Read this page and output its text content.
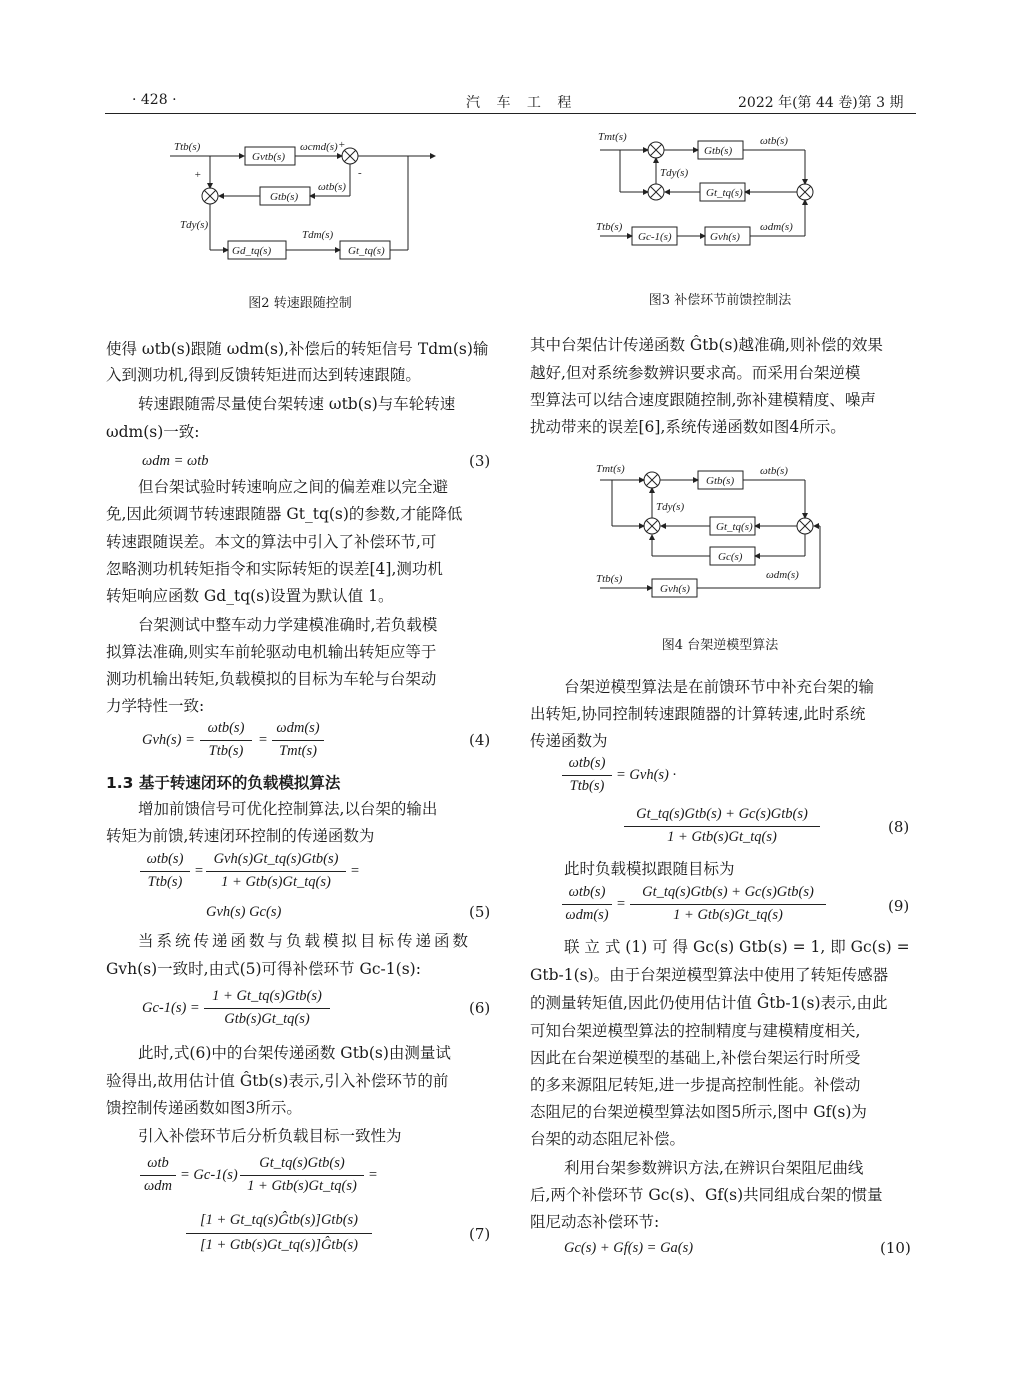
· 428 ·	汽 车 工 程	2022 年(第 44 卷)第 3 期
Ttb(s)
Gvtb(s)
ωcmd(s)
ωtb(s)
Gtb(s)
Gd_tq(s)	Gt_tq(s)
Tdm(s)
Tdy(s)
+
+
-
图2 转速跟随控制
Tmt(s)
Gtb(s)
ωtb(s)
Tdy(s)
Gt_tq(s)
Ttb(s)
Gc-1(s)	Gvh(s)
ωdm(s)
图3 补偿环节前馈控制法
Tmt(s)
Gtb(s)
ωtb(s)
Tdy(s)
Gt_tq(s)
Gc(s)
Ttb(s)
Gvh(s)
ωdm(s)
图4 台架逆模型算法
使得 ωtb(s)跟随 ωdm(s),补偿后的转矩信号 Tdm(s)输
入到测功机,得到反馈转矩进而达到转速跟随。
转速跟随需尽量使台架转速 ωtb(s)与车轮转速
ωdm(s)一致:
ωdm = ωtb	(3)
但台架试验时转速响应之间的偏差难以完全避
免,因此须调节转速跟随器 Gt_tq(s)的参数,才能降低
转速跟随误差。本文的算法中引入了补偿环节,可
忽略测功机转矩指令和实际转矩的误差[4],测功机
转矩响应函数 Gd_tq(s)设置为默认值 1。
台架测试中整车动力学建模准确时,若负载模
拟算法准确,则实车前轮驱动电机输出转矩应等于
测功机输出转矩,负载模拟的目标为车轮与台架动
力学特性一致:
Gvh(s) =
ωtb(s)
Ttb(s)
=
ωdm(s)
Tmt(s)
(4)
1.3 基于转速闭环的负载模拟算法
增加前馈信号可优化控制算法,以台架的输出
转矩为前馈,转速闭环控制的传递函数为
ωtb(s)
Ttb(s)
=
Gvh(s)Gt_tq(s)Gtb(s)
1 + Gtb(s)Gt_tq(s)
=
Gvh(s) Gc(s)	(5)
当系统传递函数与负载模拟目标传递函数
Gvh(s)一致时,由式(5)可得补偿环节 Gc-1(s):
Gc-1(s) =
1 + Gt_tq(s)Gtb(s)
Gtb(s)Gt_tq(s)
(6)
此时,式(6)中的台架传递函数 Gtb(s)由测量试
验得出,故用估计值 Ĝtb(s)表示,引入补偿环节的前
馈控制传递函数如图3所示。
引入补偿环节后分析负载目标一致性为
ωtb
ωdm
= Gc-1(s)
Gt_tq(s)Gtb(s)
1 + Gtb(s)Gt_tq(s)
=
[1 + Gt_tq(s)Ĝtb(s)]Gtb(s)
[1 + Gtb(s)Gt_tq(s)]Ĝtb(s)
(7)
其中台架估计传递函数 Ĝtb(s)越准确,则补偿的效果
越好,但对系统参数辨识要求高。而采用台架逆模
型算法可以结合速度跟随控制,弥补建模精度、噪声
扰动带来的误差[6],系统传递函数如图4所示。
台架逆模型算法是在前馈环节中补充台架的输
出转矩,协同控制转速跟随器的计算转速,此时系统
传递函数为
ωtb(s)
Ttb(s)
= Gvh(s) ·
Gt_tq(s)Gtb(s) + Gc(s)Gtb(s)
1 + Gtb(s)Gt_tq(s)
(8)
此时负载模拟跟随目标为
ωtb(s)
ωdm(s)
=
Gt_tq(s)Gtb(s) + Gc(s)Gtb(s)
1 + Gtb(s)Gt_tq(s)	(9)
联 立 式 (1) 可 得 Gc(s) Gtb(s) = 1, 即 Gc(s) =
Gtb-1(s)。由于台架逆模型算法中使用了转矩传感器
的测量转矩值,因此仍使用估计值 Ĝtb-1(s)表示,由此
可知台架逆模型算法的控制精度与建模精度相关,
因此在台架逆模型的基础上,补偿台架运行时所受
的多来源阻尼转矩,进一步提高控制性能。补偿动
态阻尼的台架逆模型算法如图5所示,图中 Gf(s)为
台架的动态阻尼补偿。
利用台架参数辨识方法,在辨识台架阻尼曲线
后,两个补偿环节 Gc(s)、Gf(s)共同组成台架的惯量
阻尼动态补偿环节:
Gc(s) + Gf(s) = Ga(s)	(10)
